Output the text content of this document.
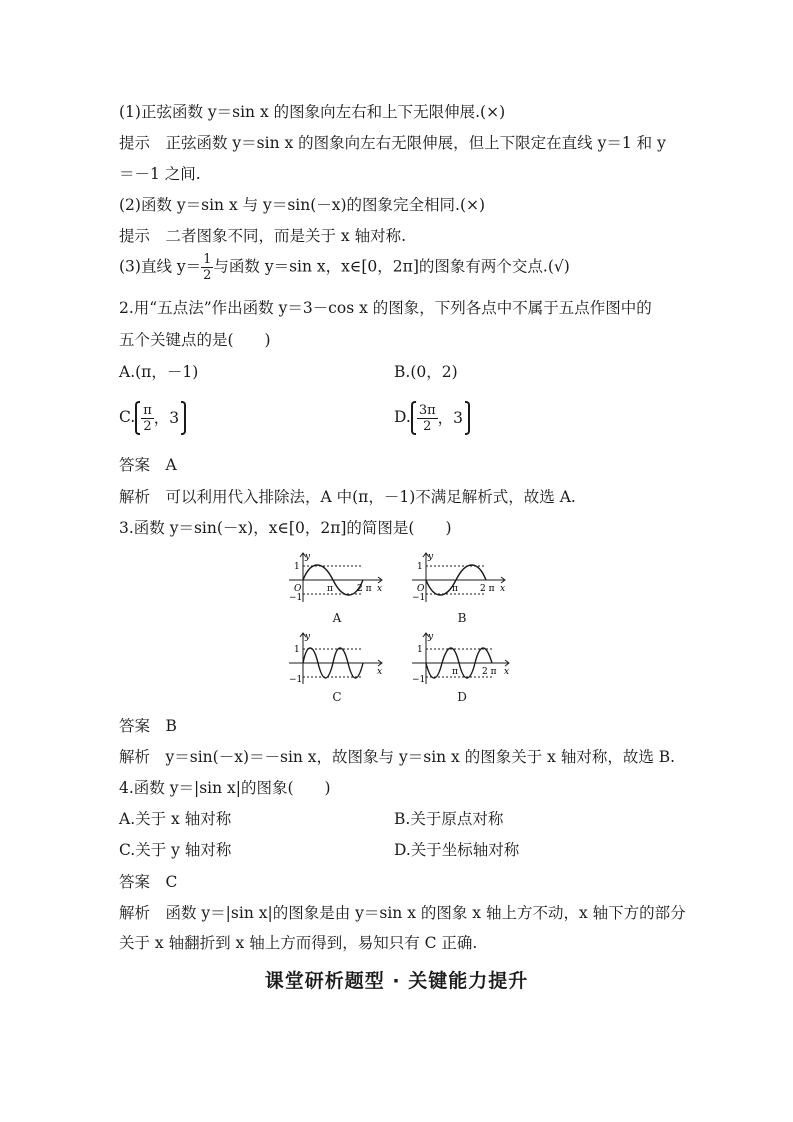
(1)正弦函数 y＝sin x 的图象向左右和上下无限伸展.(×)
提示　正弦函数 y＝sin x 的图象向左右无限伸展，但上下限定在直线 y＝1 和 y
＝－1 之间.
(2)函数 y＝sin x 与 y＝sin(－x)的图象完全相同.(×)
提示　二者图象不同，而是关于 x 轴对称.
(3)直线 $y= \frac{1}{2}$ 与函数 y＝sin x，x∈[0，2π]的图象有两个交点.(√)
2.用“五点法”作出函数 y＝3－cos x 的图象，下列各点中不属于五点作图中的
五个关键点的是(　　)
A.(π，－1)	B.(0，2)
C. $\frac{\pi}{2}$ ，3	D. $\frac{3\pi}{2}$ ，3
答案　A
解析　可以利用代入排除法，A 中(π，－1)不满足解析式，故选 A.
3.函数 y＝sin(－x)，x∈[0，2π]的简图是(　　)
y
x
1
O
−1
π	2 π
A
y
x
1
O
−1
π 2 π
B
y
x
1
−1
C
y
x
1
−1
π	2 π
D
答案　B
解析　y＝sin(－x)＝－sin x，故图象与 y＝sin x 的图象关于 x 轴对称，故选 B.
4.函数 y＝|sin x|的图象(　　)
A.关于 x 轴对称	B.关于原点对称
C.关于 y 轴对称	D.关于坐标轴对称
答案　C
解析　函数 y＝|sin x|的图象是由 y＝sin x 的图象 x 轴上方不动，x 轴下方的部分
关于 x 轴翻折到 x 轴上方而得到，易知只有 C 正确.
课堂研析题型 · 关键能力提升
